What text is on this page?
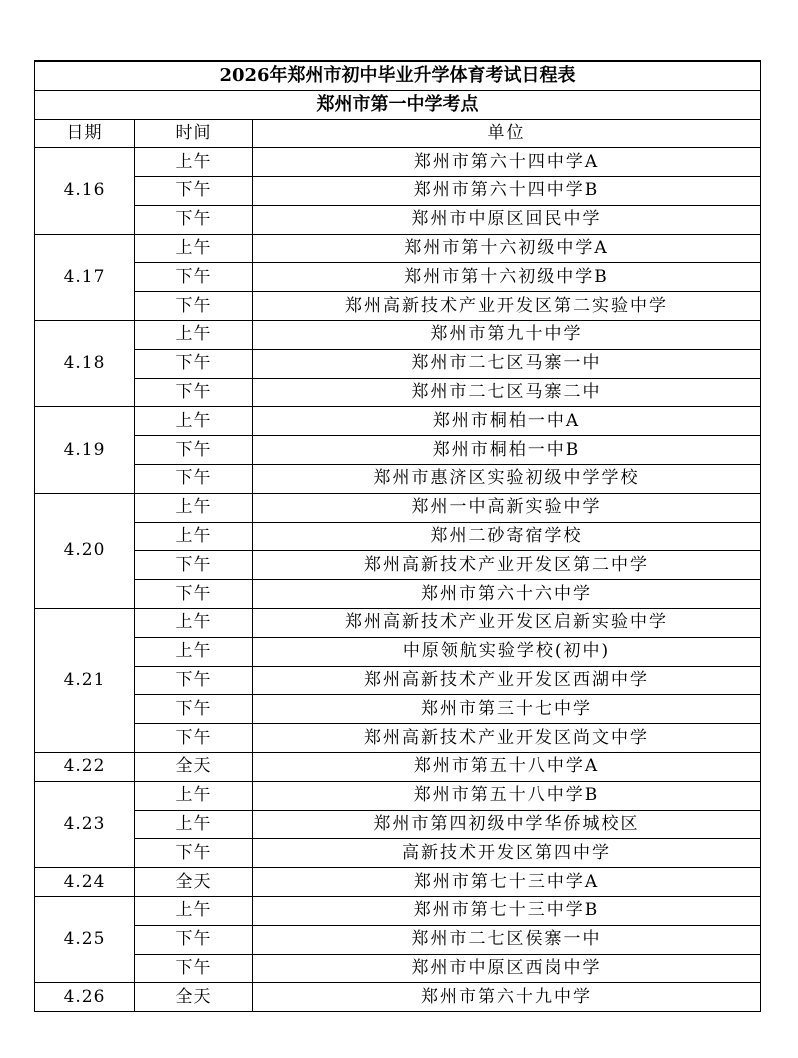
2026年郑州市初中毕业升学体育考试日程表		
郑州市第一中学考点		
日期	时间	单位
4.16	上午	郑州市第六十四中学A
	下午	郑州市第六十四中学B
	下午	郑州市中原区回民中学
4.17	上午	郑州市第十六初级中学A
	下午	郑州市第十六初级中学B
	下午	郑州高新技术产业开发区第二实验中学
4.18	上午	郑州市第九十中学
	下午	郑州市二七区马寨一中
	下午	郑州市二七区马寨二中
4.19	上午	郑州市桐柏一中A
	下午	郑州市桐柏一中B
	下午	郑州市惠济区实验初级中学学校
4.20	上午	郑州一中高新实验中学
	上午	郑州二砂寄宿学校
	下午	郑州高新技术产业开发区第二中学
	下午	郑州市第六十六中学
4.21	上午	郑州高新技术产业开发区启新实验中学
	上午	中原领航实验学校(初中)
	下午	郑州高新技术产业开发区西湖中学
	下午	郑州市第三十七中学
	下午	郑州高新技术产业开发区尚文中学
4.22	全天	郑州市第五十八中学A
4.23	上午	郑州市第五十八中学B
	上午	郑州市第四初级中学华侨城校区
	下午	高新技术开发区第四中学
4.24	全天	郑州市第七十三中学A
4.25	上午	郑州市第七十三中学B
	下午	郑州市二七区侯寨一中
	下午	郑州市中原区西岗中学
4.26	全天	郑州市第六十九中学
